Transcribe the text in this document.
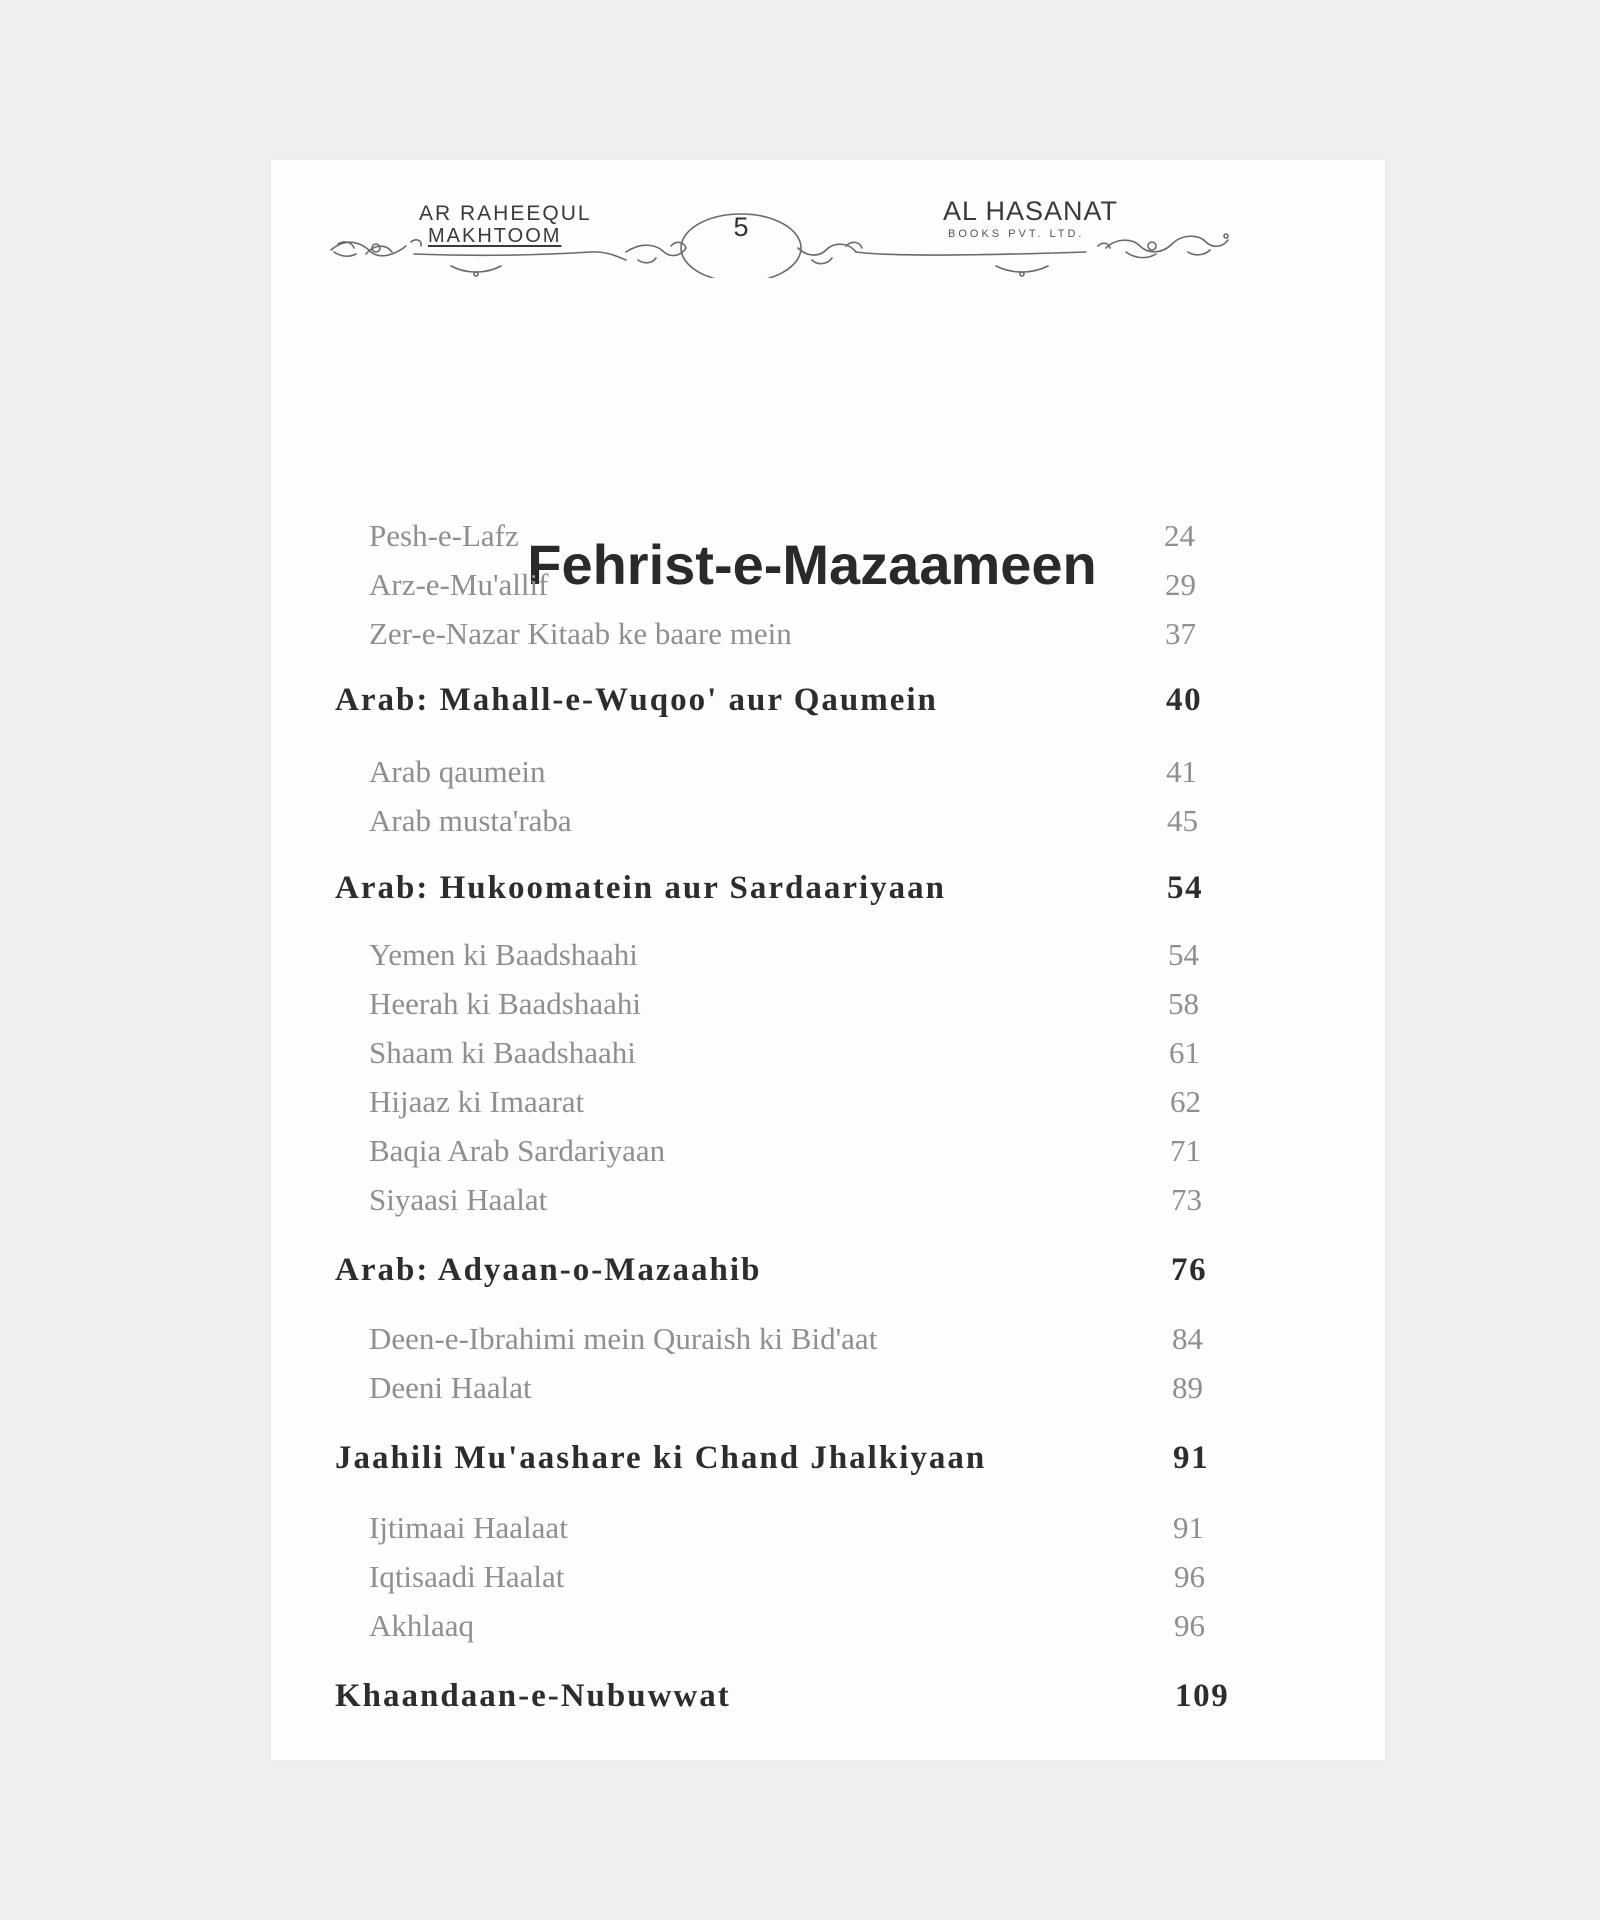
AR RAHEEQUL
MAKHTOOM	5
AL HASANAT
BOOKS PVT. LTD.
Fehrist-e-Mazaameen
Pesh-e-Lafz	24
Arz-e-Mu'allif	29
Zer-e-Nazar Kitaab ke baare mein	37
Arab: Mahall-e-Wuqoo' aur Qaumein	40
Arab qaumein	41
Arab musta'raba	45
Arab: Hukoomatein aur Sardaariyaan	54
Yemen ki Baadshaahi	54
Heerah ki Baadshaahi	58
Shaam ki Baadshaahi	61
Hijaaz ki Imaarat	62
Baqia Arab Sardariyaan	71
Siyaasi Haalat	73
Arab: Adyaan-o-Mazaahib	76
Deen-e-Ibrahimi mein Quraish ki Bid'aat	84
Deeni Haalat	89
Jaahili Mu'aashare ki Chand Jhalkiyaan	91
Ijtimaai Haalaat	91
Iqtisaadi Haalat	96
Akhlaaq	96
Khaandaan-e-Nubuwwat	109
